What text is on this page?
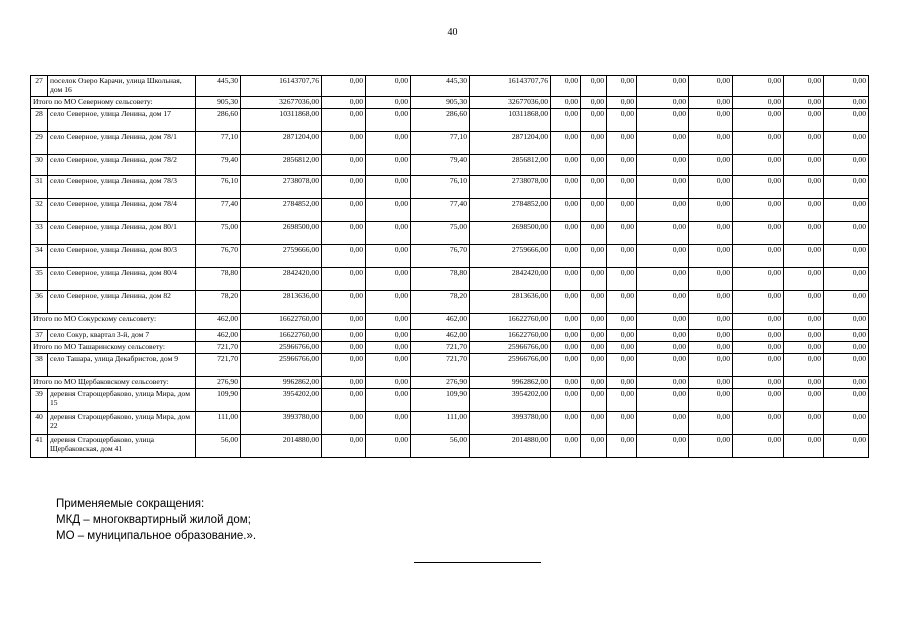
40
27	поселок Озеро Карачи, улица Школьная, дом 16	445,30	16143707,76	0,00	0,00	445,30	16143707,76	0,00	0,00	0,00	0,00	0,00	0,00	0,00	0,00
Итого по МО Северному сельсовету:		905,30	32677036,00	0,00	0,00	905,30	32677036,00	0,00	0,00	0,00	0,00	0,00	0,00	0,00	0,00
28	село Северное, улица Ленина, дом 17	286,60	10311868,00	0,00	0,00	286,60	10311868,00	0,00	0,00	0,00	0,00	0,00	0,00	0,00	0,00
29	село Северное, улица Ленина, дом 78/1	77,10	2871204,00	0,00	0,00	77,10	2871204,00	0,00	0,00	0,00	0,00	0,00	0,00	0,00	0,00
30	село Северное, улица Ленина, дом 78/2	79,40	2856812,00	0,00	0,00	79,40	2856812,00	0,00	0,00	0,00	0,00	0,00	0,00	0,00	0,00
31	село Северное, улица Ленина, дом 78/3	76,10	2738078,00	0,00	0,00	76,10	2738078,00	0,00	0,00	0,00	0,00	0,00	0,00	0,00	0,00
32	село Северное, улица Ленина, дом 78/4	77,40	2784852,00	0,00	0,00	77,40	2784852,00	0,00	0,00	0,00	0,00	0,00	0,00	0,00	0,00
33	село Северное, улица Ленина, дом 80/1	75,00	2698500,00	0,00	0,00	75,00	2698500,00	0,00	0,00	0,00	0,00	0,00	0,00	0,00	0,00
34	село Северное, улица Ленина, дом 80/3	76,70	2759666,00	0,00	0,00	76,70	2759666,00	0,00	0,00	0,00	0,00	0,00	0,00	0,00	0,00
35	село Северное, улица Ленина, дом 80/4	78,80	2842420,00	0,00	0,00	78,80	2842420,00	0,00	0,00	0,00	0,00	0,00	0,00	0,00	0,00
36	село Северное, улица Ленина, дом 82	78,20	2813636,00	0,00	0,00	78,20	2813636,00	0,00	0,00	0,00	0,00	0,00	0,00	0,00	0,00
Итого по МО Сокурскому сельсовету:		462,00	16622760,00	0,00	0,00	462,00	16622760,00	0,00	0,00	0,00	0,00	0,00	0,00	0,00	0,00
37	село Сокур, квартал 3-й, дом 7	462,00	16622760,00	0,00	0,00	462,00	16622760,00	0,00	0,00	0,00	0,00	0,00	0,00	0,00	0,00
Итого по МО Ташаринскому сельсовету:		721,70	25966766,00	0,00	0,00	721,70	25966766,00	0,00	0,00	0,00	0,00	0,00	0,00	0,00	0,00
38	село Ташара, улица Декабристов, дом 9	721,70	25966766,00	0,00	0,00	721,70	25966766,00	0,00	0,00	0,00	0,00	0,00	0,00	0,00	0,00
Итого по МО Щербаковскому сельсовету:		276,90	9962862,00	0,00	0,00	276,90	9962862,00	0,00	0,00	0,00	0,00	0,00	0,00	0,00	0,00
39	деревня Старощербаково, улица Мира, дом 15	109,90	3954202,00	0,00	0,00	109,90	3954202,00	0,00	0,00	0,00	0,00	0,00	0,00	0,00	0,00
40	деревня Старощербаково, улица Мира, дом 22	111,00	3993780,00	0,00	0,00	111,00	3993780,00	0,00	0,00	0,00	0,00	0,00	0,00	0,00	0,00
41	деревня Старощербаково, улица Щербаковская, дом 41	56,00	2014880,00	0,00	0,00	56,00	2014880,00	0,00	0,00	0,00	0,00	0,00	0,00	0,00	0,00
Применяемые сокращения:
МКД – многоквартирный жилой дом;
МО – муниципальное образование.».
